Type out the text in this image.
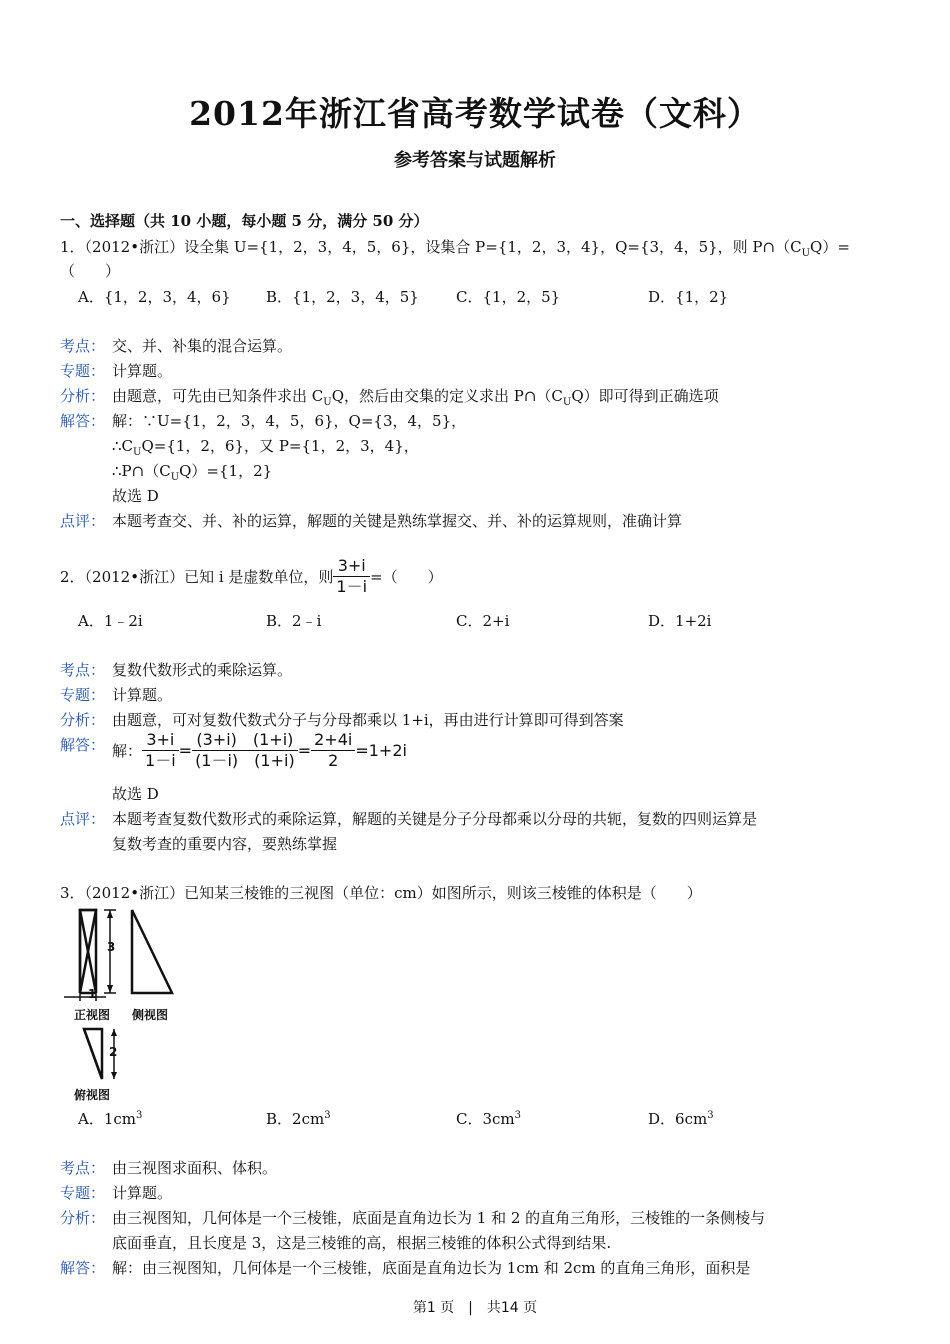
2012年浙江省高考数学试卷（文科）
参考答案与试题解析
一、选择题（共 10 小题，每小题 5 分，满分 50 分）
1．（2012•浙江）设全集 U={1，2，3，4，5，6}，设集合 P={1，2，3，4}，Q={3，4，5}，则 $P\cap(C_UQ)=$
（　　）
A．{1，2，3，4，6} B．{1，2，3，4，5} C．{1，2，5}	D．{1，2}
考点： 交、并、补集的混合运算。
专题： 计算题。
分析： 由题意，可先由已知条件求出 $C_UQ$，然后由交集的定义求出 $P\cap(C_UQ)$即可得到正确选项
解答： 解：∵U={1，2，3，4，5，6}，Q={3，4，5}，
$\therefore C_UQ=\{1$，2，6}，又 P={1，2，3，4}，
$\therefore P\cap(C_UQ)=\{1$，2}
故选 D
点评： 本题考查交、并、补的运算，解题的关键是熟练掌握交、并、补的运算规则，准确计算
2．（2012•浙江）已知 i 是虚数单位，则 $\frac{3+i}{1-i}$ =（　　）
A．1﹣2i	B．2﹣i	C．2+i	D．1+2i
考点： 复数代数形式的乘除运算。
专题： 计算题。
分析： 由题意，可对复数代数式分子与分母都乘以 1+i，再由进行计算即可得到答案
解答： 解： $\frac{3+i}{1-i} = \frac{(3+i) (1+i)}{(1-i) (1+i)} = \frac{2+4i}{2} =1+2i$
故选 D
点评： 本题考查复数代数形式的乘除运算，解题的关键是分子分母都乘以分母的共轭，复数的四则运算是
复数考查的重要内容，要熟练掌握
3．（2012•浙江）已知某三棱锥的三视图（单位：cm）如图所示，则该三棱锥的体积是（　　）
3
1
2
正视图 侧视图
俯视图
A．$1cm^3$	B．$2cm^3$	C．$3cm^3$	D．$6cm^3$
考点： 由三视图求面积、体积。
专题： 计算题。
分析： 由三视图知，几何体是一个三棱锥，底面是直角边长为 1 和 2 的直角三角形，三棱锥的一条侧棱与
底面垂直，且长度是 3，这是三棱锥的高，根据三棱锥的体积公式得到结果.
解答： 解：由三视图知，几何体是一个三棱锥，底面是直角边长为 1cm 和 2cm 的直角三角形，面积是
第1 页　|　共14 页
